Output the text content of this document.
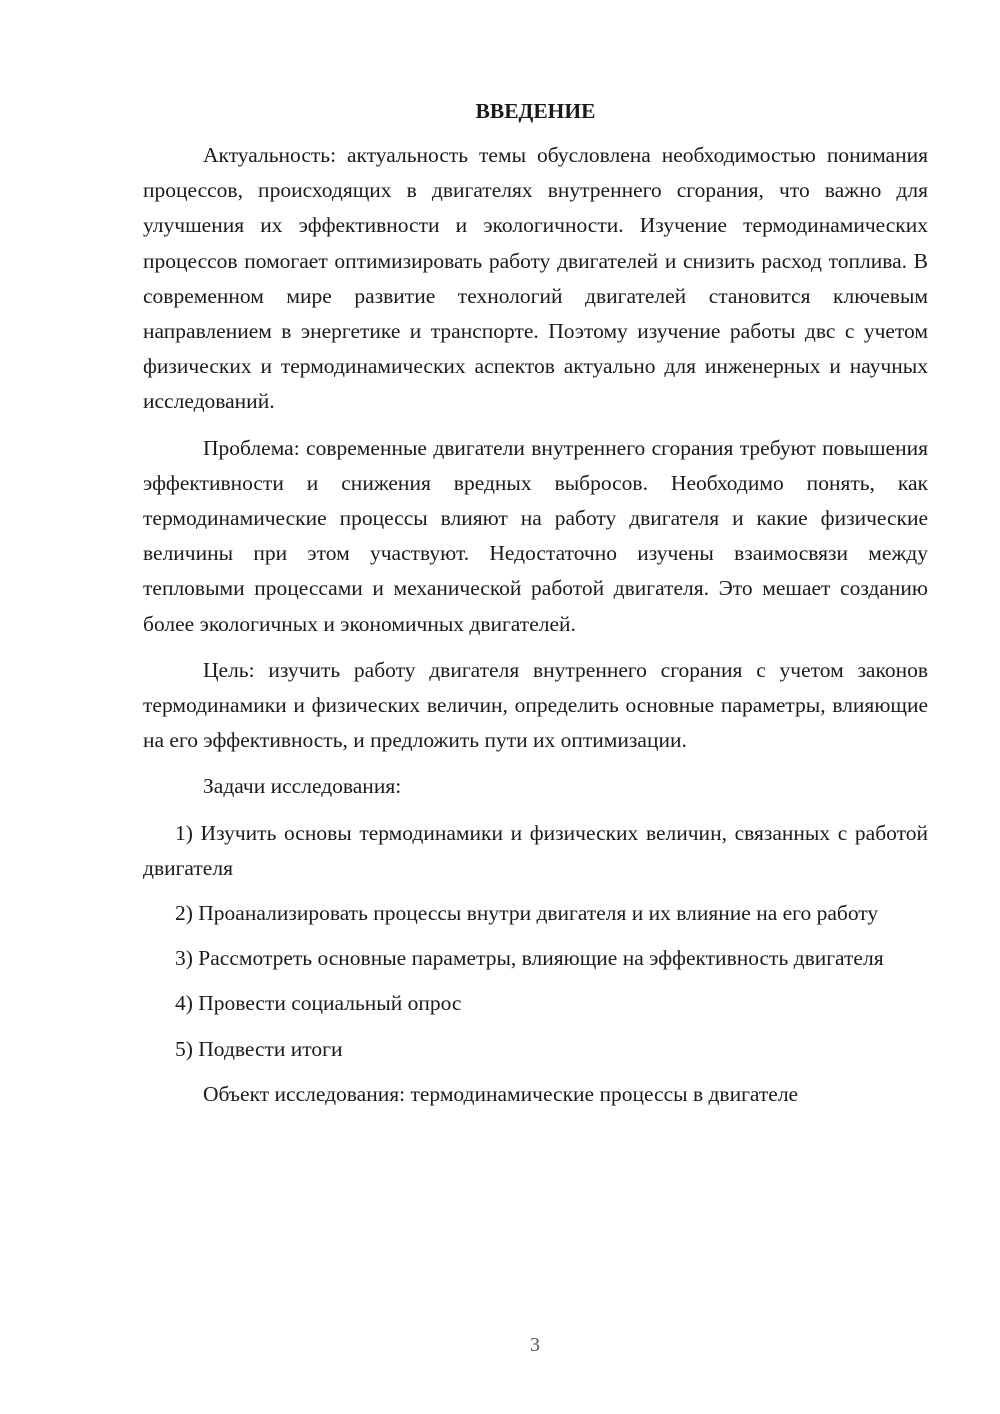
ВВЕДЕНИЕ

Актуальность: актуальность темы обусловлена необходимостью понимания процессов, происходящих в двигателях внутреннего сгорания, что важно для улучшения их эффективности и экологичности. Изучение термодинамических процессов помогает оптимизировать работу двигателей и снизить расход топлива. В современном мире развитие технологий двигателей становится ключевым направлением в энергетике и транспорте. Поэтому изучение работы двс с учетом физических и термодинамических аспектов актуально для инженерных и научных исследований.

Проблема: современные двигатели внутреннего сгорания требуют повышения эффективности и снижения вредных выбросов. Необходимо понять, как термодинамические процессы влияют на работу двигателя и какие физические величины при этом участвуют. Недостаточно изучены взаимосвязи между тепловыми процессами и механической работой двигателя. Это мешает созданию более экологичных и экономичных двигателей.

Цель: изучить работу двигателя внутреннего сгорания с учетом законов термодинамики и физических величин, определить основные параметры, влияющие на его эффективность, и предложить пути их оптимизации.

Задачи исследования:

1) Изучить основы термодинамики и физических величин, связанных с работой двигателя

2) Проанализировать процессы внутри двигателя и их влияние на его работу

3) Рассмотреть основные параметры, влияющие на эффективность двигателя

4) Провести социальный опрос

5) Подвести итоги

Объект исследования: термодинамические процессы в двигателе

3
